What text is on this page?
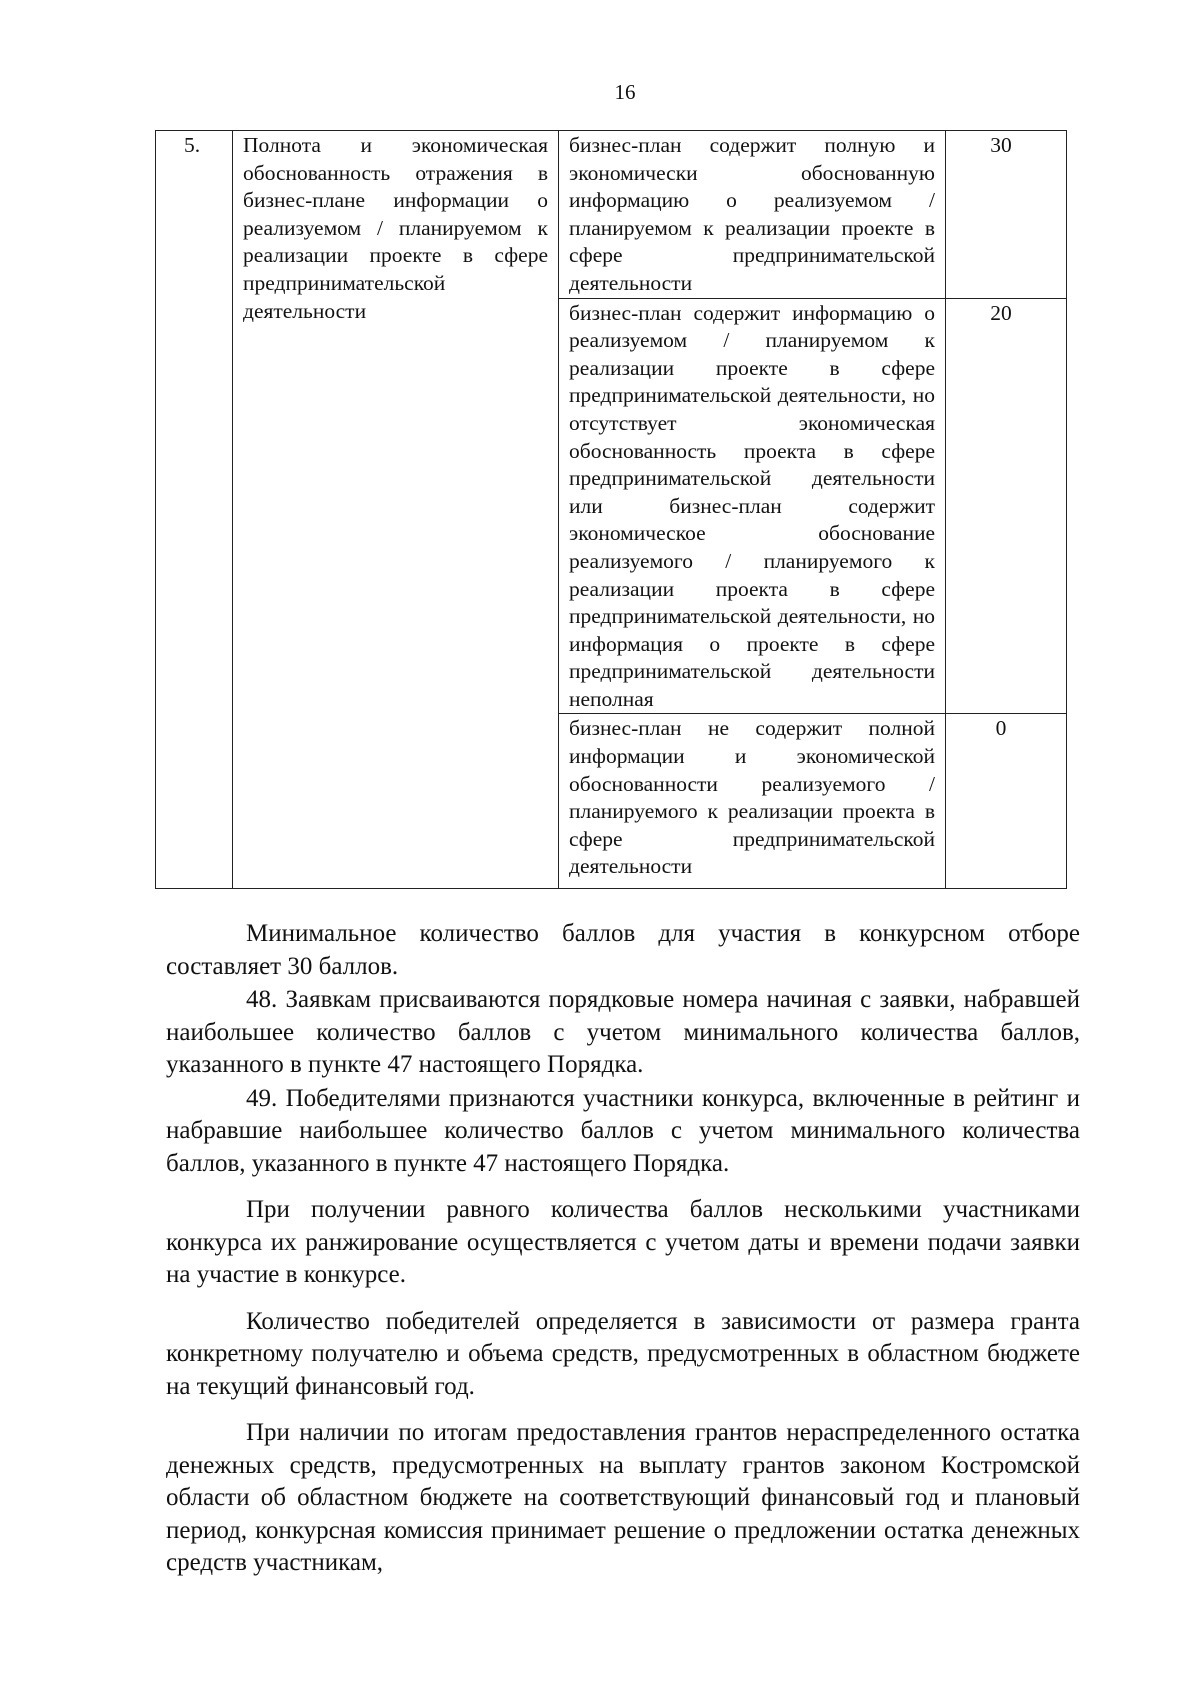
16
5.	Полнота и экономическая обоснованность отражения в бизнес-плане информации о реализуемом / планируемом к реализации проекте в сфере предпринимательской деятельности	бизнес-план содержит полную и экономически обоснованную информацию о реализуемом / планируемом к реализации проекте в сфере предпринимательской деятельности	30
		бизнес-план содержит информацию о реализуемом / планируемом к реализации проекте в сфере предпринимательской деятельности, но отсутствует экономическая обоснованность проекта в сфере предпринимательской деятельности или бизнес-план содержит экономическое обоснование реализуемого / планируемого к реализации проекта в сфере предпринимательской деятельности, но информация о проекте в сфере предпринимательской деятельности неполная	20
		бизнес-план не содержит полной информации и экономической обоснованности реализуемого / планируемого к реализации проекта в сфере предпринимательской деятельности	0

Минимальное количество баллов для участия в конкурсном отборе составляет 30 баллов.

48. Заявкам присваиваются порядковые номера начиная с заявки, набравшей наибольшее количество баллов с учетом минимального количества баллов, указанного в пункте 47 настоящего Порядка.

49. Победителями признаются участники конкурса, включенные в рейтинг и набравшие наибольшее количество баллов с учетом минимального количества баллов, указанного в пункте 47 настоящего Порядка.

При получении равного количества баллов несколькими участниками конкурса их ранжирование осуществляется с учетом даты и времени подачи заявки на участие в конкурсе.

Количество победителей определяется в зависимости от размера гранта конкретному получателю и объема средств, предусмотренных в областном бюджете на текущий финансовый год.

При наличии по итогам предоставления грантов нераспределенного остатка денежных средств, предусмотренных на выплату грантов законом Костромской области об областном бюджете на соответствующий финансовый год и плановый период, конкурсная комиссия принимает решение о предложении остатка денежных средств участникам,
